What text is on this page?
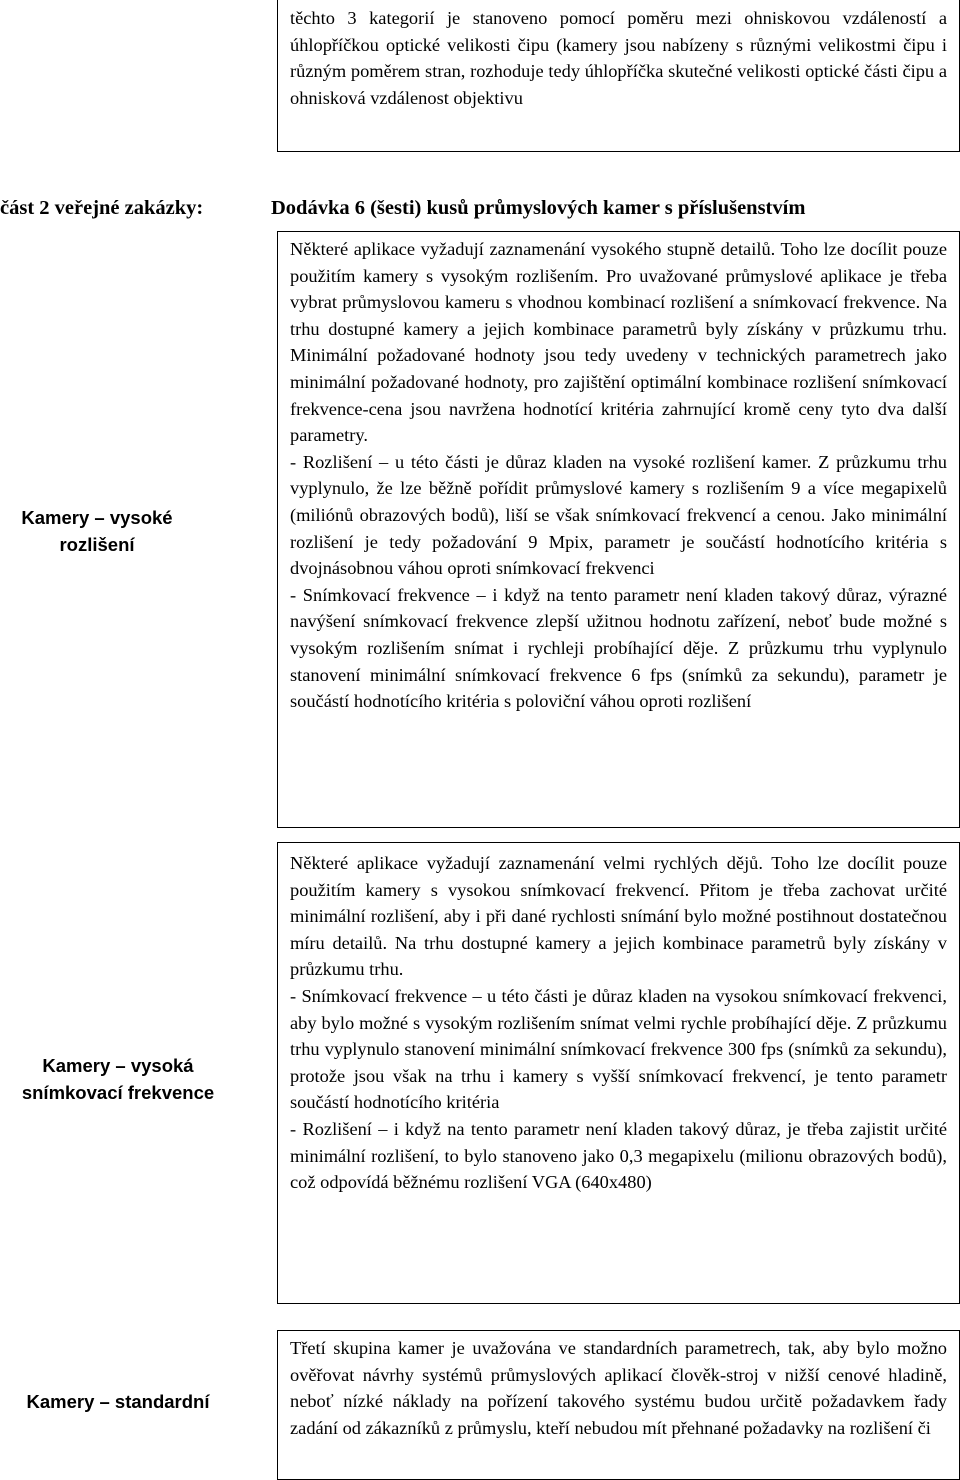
těchto 3 kategorií je stanoveno pomocí poměru mezi ohniskovou vzdáleností a úhlopříčkou optické velikosti čipu (kamery jsou nabízeny s různými velikostmi čipu i různým poměrem stran, rozhoduje tedy úhlopříčka skutečné velikosti optické části čipu a ohnisková vzdálenost objektivu

část 2 veřejné zakázky:	Dodávka 6 (šesti) kusů průmyslových kamer s příslušenstvím
Kamery – vysoké rozlišení

Některé aplikace vyžadují zaznamenání vysokého stupně detailů. Toho lze docílit pouze použitím kamery s vysokým rozlišením. Pro uvažované průmyslové aplikace je třeba vybrat průmyslovou kameru s vhodnou kombinací rozlišení a snímkovací frekvence. Na trhu dostupné kamery a jejich kombinace parametrů byly získány v průzkumu trhu. Minimální požadované hodnoty jsou tedy uvedeny v technických parametrech jako minimální požadované hodnoty, pro zajištění optimální kombinace rozlišení snímkovací frekvence-cena jsou navržena hodnotící kritéria zahrnující kromě ceny tyto dva další parametry.

- Rozlišení – u této části je důraz kladen na vysoké rozlišení kamer. Z průzkumu trhu vyplynulo, že lze běžně pořídit průmyslové kamery s rozlišením 9 a více megapixelů (miliónů obrazových bodů), liší se však snímkovací frekvencí a cenou. Jako minimální rozlišení je tedy požadování 9 Mpix, parametr je součástí hodnotícího kritéria s dvojnásobnou váhou oproti snímkovací frekvenci

- Snímkovací frekvence – i když na tento parametr není kladen takový důraz, výrazné navýšení snímkovací frekvence zlepší užitnou hodnotu zařízení, neboť bude možné s vysokým rozlišením snímat i rychleji probíhající děje. Z průzkumu trhu vyplynulo stanovení minimální snímkovací frekvence 6 fps (snímků za sekundu), parametr je součástí hodnotícího kritéria s poloviční váhou oproti rozlišení

Kamery – vysoká snímkovací frekvence

Některé aplikace vyžadují zaznamenání velmi rychlých dějů. Toho lze docílit pouze použitím kamery s vysokou snímkovací frekvencí. Přitom je třeba zachovat určité minimální rozlišení, aby i při dané rychlosti snímání bylo možné postihnout dostatečnou míru detailů. Na trhu dostupné kamery a jejich kombinace parametrů byly získány v průzkumu trhu.

- Snímkovací frekvence – u této části je důraz kladen na vysokou snímkovací frekvenci, aby bylo možné s vysokým rozlišením snímat velmi rychle probíhající děje. Z průzkumu trhu vyplynulo stanovení minimální snímkovací frekvence 300 fps (snímků za sekundu), protože jsou však na trhu i kamery s vyšší snímkovací frekvencí, je tento parametr součástí hodnotícího kritéria

- Rozlišení – i když na tento parametr není kladen takový důraz, je třeba zajistit určité minimální rozlišení, to bylo stanoveno jako 0,3 megapixelu (milionu obrazových bodů), což odpovídá běžnému rozlišení VGA (640x480)

Kamery – standardní

Třetí skupina kamer je uvažována ve standardních parametrech, tak, aby bylo možno ověřovat návrhy systémů průmyslových aplikací člověk-stroj v nižší cenové hladině, neboť nízké náklady na pořízení takového systému budou určitě požadavkem řady zadání od zákazníků z průmyslu, kteří nebudou mít přehnané požadavky na rozlišení či
